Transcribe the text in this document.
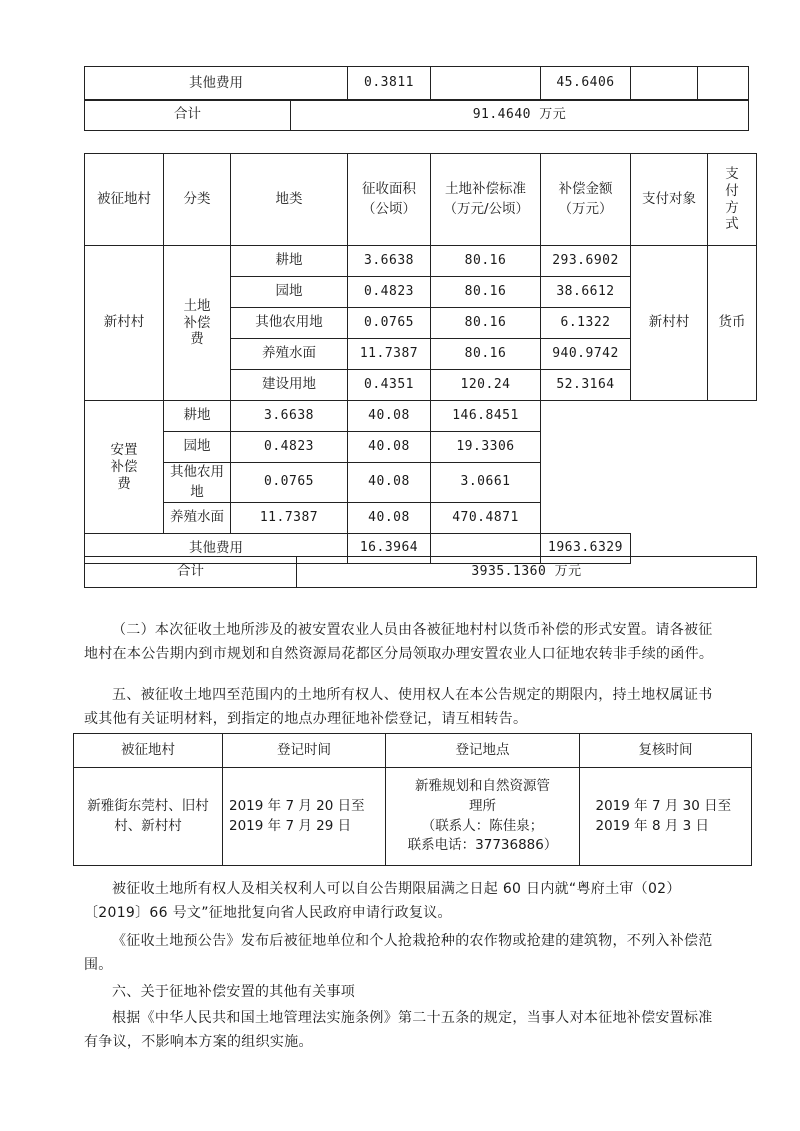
其他费用	0.3811		45.6406		
合计	91.4640 万元
被征地村	分类	地类	征收面积（公顷）	土地补偿标准（万元/公顷）	补偿金额（万元）	支付对象	支付方式

新村村	土地补偿费	耕地	3.6638	80.16	293.6902	新村村	货币
		园地	0.4823	80.16	38.6612		
		其他农用地	0.0765	80.16	6.1322		
		养殖水面	11.7387	80.16	940.9742		
		建设用地	0.4351	120.24	52.3164		

安置补偿费	耕地	3.6638	40.08	146.8451			
	园地	0.4823	40.08	19.3306			
	其他农用地	0.0765	40.08	3.0661			
	养殖水面	11.7387	40.08	470.4871			
其他费用			16.3964		1963.6329		
合计	3935.1360 万元

（二）本次征收土地所涉及的被安置农业人员由各被征地村村以货币补偿的形式安置。请各被征地村在本公告期内到市规划和自然资源局花都区分局领取办理安置农业人口征地农转非手续的函件。

五、被征收土地四至范围内的土地所有权人、使用权人在本公告规定的期限内，持土地权属证书或其他有关证明材料，到指定的地点办理征地补偿登记，请互相转告。

被征地村	登记时间	登记地点	复核时间

新雅街东莞村、旧村村、新村村	2019 年 7 月 20 日至 2019 年 7 月 29 日	新雅规划和自然资源管理所
（联系人：陈佳泉；
联系电话：37736886）	2019 年 7 月 30 日至 2019 年 8 月 3 日

被征收土地所有权人及相关权利人可以自公告期限届满之日起 60 日内就“粤府土审（02）〔2019〕66 号文”征地批复向省人民政府申请行政复议。

《征收土地预公告》发布后被征地单位和个人抢栽抢种的农作物或抢建的建筑物，不列入补偿范围。

六、关于征地补偿安置的其他有关事项

根据《中华人民共和国土地管理法实施条例》第二十五条的规定，当事人对本征地补偿安置标准有争议，不影响本方案的组织实施。
